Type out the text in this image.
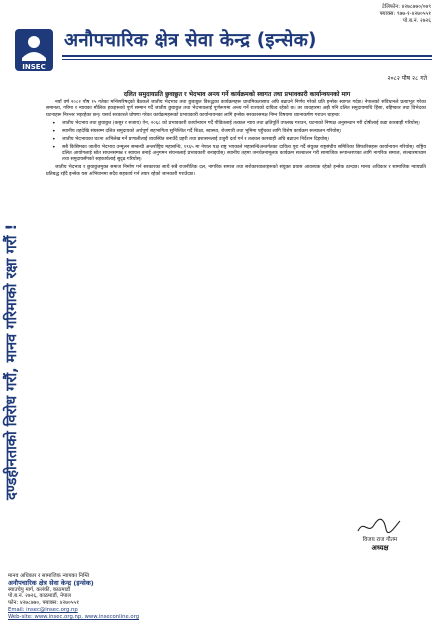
टेलिफोन: ४२७८७७०/०७९
फ्याक्स: ९७७-१-४२७०५५१
पो.ब.नं. २७२६
INSEC
अनौपचारिक क्षेत्र सेवा केन्द्र (इन्सेक)
२०८२ पौष २८ गते
दलित समुदायप्रति छुवाछुत र भेदभाव अन्त्य गर्ने कार्यक्रमको स्वागत तथा प्रभावकारी कार्यान्वयनको माग
दण्डहीनताको विरोध गरौं, मानव गरिमाको रक्षा गरौं !

नयाँ वर्ष २०८२ पौष १५ गतेका मन्त्रिपरिषद्को बैठकले जातीय भेदभाव तथा छुवाछुत विरुद्धका कार्यक्रमहरू प्राथमिकतासाथ अघि बढाउने निर्णय गरेको प्रति इन्सेक स्वागत गर्दछ। नेपालको संविधानले प्रत्याभूत गरेका समानता, गरिमा र न्यायका मौलिक हकहरूको पूर्ण सम्मान गर्दै जातीय छुवाछुत तथा भेदभावलाई पूर्णरूपमा अन्त्य गर्ने राज्यको दायित्व रहेको छ। तर व्यवहारमा अझै पनि दलित समुदायमाथि हिंसा, बहिष्कार तथा विभेदका घटनाहरू निरन्तर भइरहेका छन्। यसर्थ सरकारले घोषणा गरेका कार्यक्रमहरूको प्रभावकारी कार्यान्वयनका लागि इन्सेक सरकारसमक्ष निम्न विषयमा ध्यानाकर्षण गराउन चाहन्छ:

• जातीय भेदभाव तथा छुवाछुत (कसुर र सजाय) ऐन, २०६८ को प्रभावकारी कार्यान्वयन गर्दै पीडितलाई तत्काल न्याय तथा क्षतिपूर्ति उपलब्ध गराउन, घटनाको निष्पक्ष अनुसन्धान गरी दोषीलाई कडा कारबाही गरियोस्।
• स्थानीय तहदेखि संघसम्म दलित समुदायको अर्थपूर्ण सहभागिता सुनिश्चित गर्दै शिक्षा, स्वास्थ्य, रोजगारी तथा भूमिमा पहुँचका लागि विशेष कार्यक्रम सञ्चालन गरियोस्।
• जातीय भेदभावका घटना अभिलेख गर्ने प्रणालीलाई व्यवस्थित बनाउँदै प्रहरी तथा प्रशासनलाई उजुरी दर्ता गर्न र तत्काल कारबाही अघि बढाउन निर्देशन दिइयोस्।
• सबै किसिमका जातीय भेदभाव उन्मूलन सम्बन्धी अन्तर्राष्ट्रिय महासन्धि, १९६५ मा नेपाल पक्ष राष्ट्र भएकाले महासन्धिअन्तर्गतका दायित्व पूरा गर्दै संयुक्त राष्ट्रसंघीय समितिका सिफारिसहरू कार्यान्वयन गरियोस्। राष्ट्रिय दलित आयोगलाई स्रोत साधनसम्पन्न र स्वायत्त बनाई अनुगमन संयन्त्रलाई प्रभावकारी बनाइयोस्। स्थानीय तहमा जनचेतनामूलक कार्यक्रम सञ्चालन गरी सामाजिक रूपान्तरणका लागि नागरिक समाज, सञ्चारमाध्यम तथा समुदायसँगको सहकार्यलाई सुदृढ गरियोस्।

जातीय भेदभाव र छुवाछुतमुक्त समाज निर्माण गर्न सरकारका साथै सबै राजनीतिक दल, नागरिक समाज तथा सरोकारवालाहरूको संयुक्त प्रयास आवश्यक रहेको इन्सेक ठान्दछ। मानव अधिकार र सामाजिक न्यायप्रति प्रतिबद्ध रहँदै इन्सेक यस अभियानमा सदैव सहकार्य गर्न तयार रहेको जानकारी गराउँदछ।

विजय राज गौतम
अध्यक्ष
मानव अधिकार र सामाजिक न्यायका निम्ति
अनौपचारिक क्षेत्र सेवा केन्द्र (इन्सेक)
स्याउचेपु मार्ग, कलंकी, काठमाडौं
पो.ब.नं. २७२६, काठमाडौं, नेपाल
फोन: ४२७८७७०, फ्याक्स: ४२७०५५१
Email: insec@insec.org.np
Web-site: www.insec.org.np, www.inseconline.org
